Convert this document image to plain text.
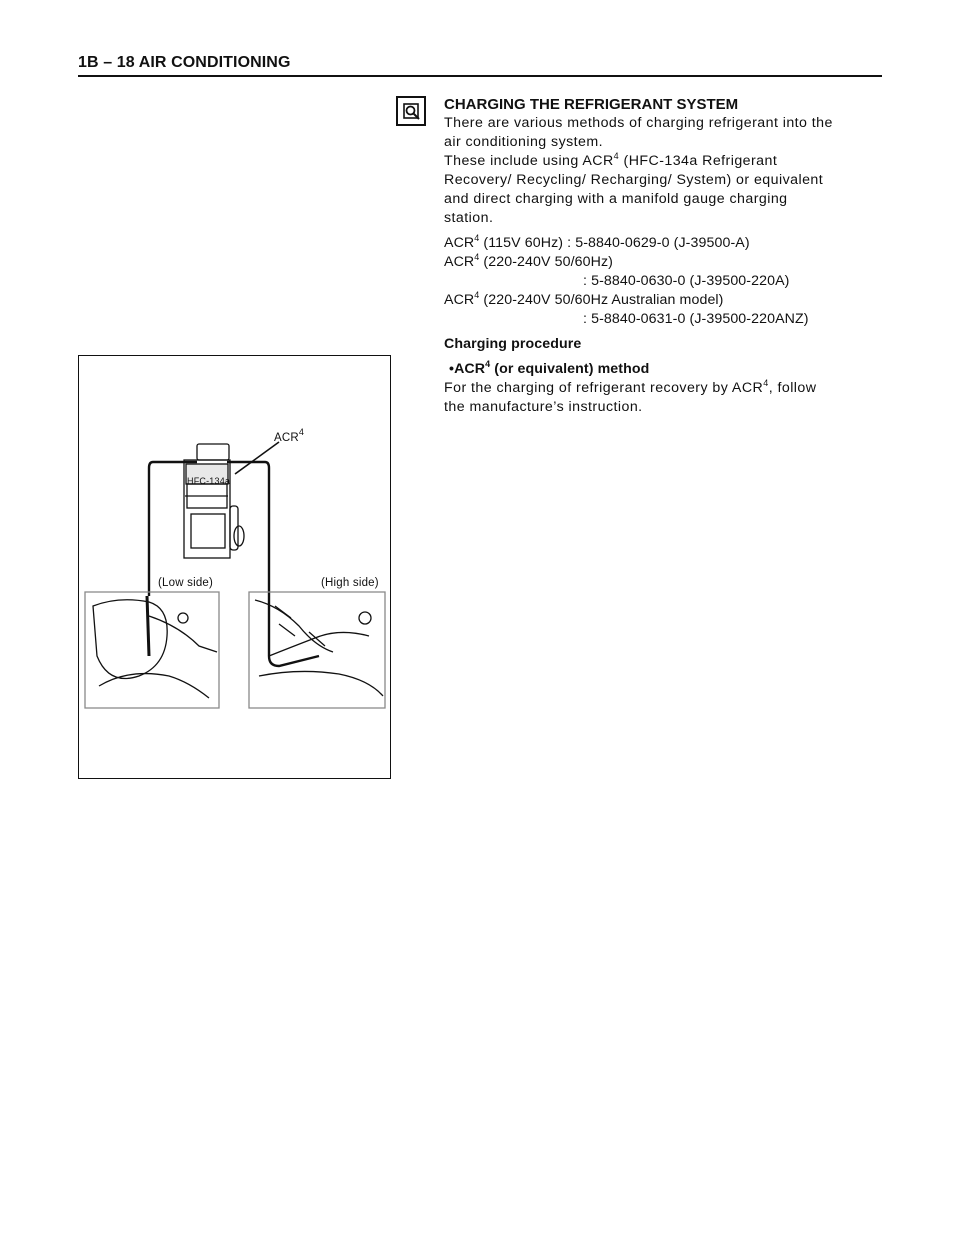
1B – 18 AIR CONDITIONING
CHARGING THE REFRIGERANT SYSTEM
There are various methods of charging refrigerant into the
air conditioning system.
These include using ACR$^4$ (HFC-134a Refrigerant
Recovery/ Recycling/ Recharging/ System) or equivalent
and direct charging with a manifold gauge charging
station.
ACR$^4$ (115V 60Hz) : 5-8840-0629-0 (J-39500-A)
ACR$^4$ (220-240V 50/60Hz)
: 5-8840-0630-0 (J-39500-220A)
ACR$^4$ (220-240V 50/60Hz Australian model)
: 5-8840-0631-0 (J-39500-220ANZ)
Charging procedure
•ACR$^4$ (or equivalent) method
For the charging of refrigerant recovery by ACR$^4$, follow
the manufacture’s instruction.
HFC-134a
ACR$^4$
(Low side)	(High side)
